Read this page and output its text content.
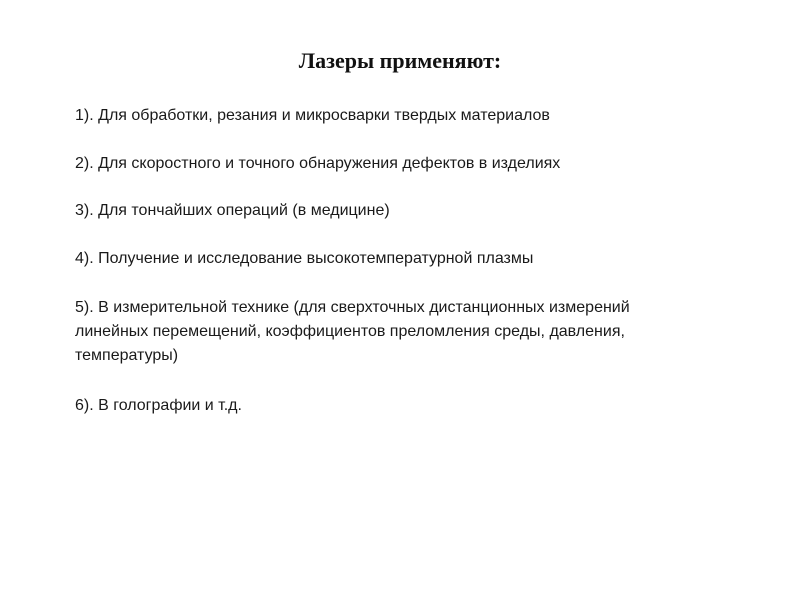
Лазеры применяют:
1). Для обработки, резания и микросварки твердых материалов
2). Для скоростного и точного обнаружения дефектов в изделиях
3). Для тончайших операций (в медицине)
4). Получение и исследование высокотемпературной плазмы
5). В измерительной технике (для сверхточных дистанционных измерений
линейных перемещений, коэффициентов преломления среды, давления,
температуры)
6). В голографии и т.д.
